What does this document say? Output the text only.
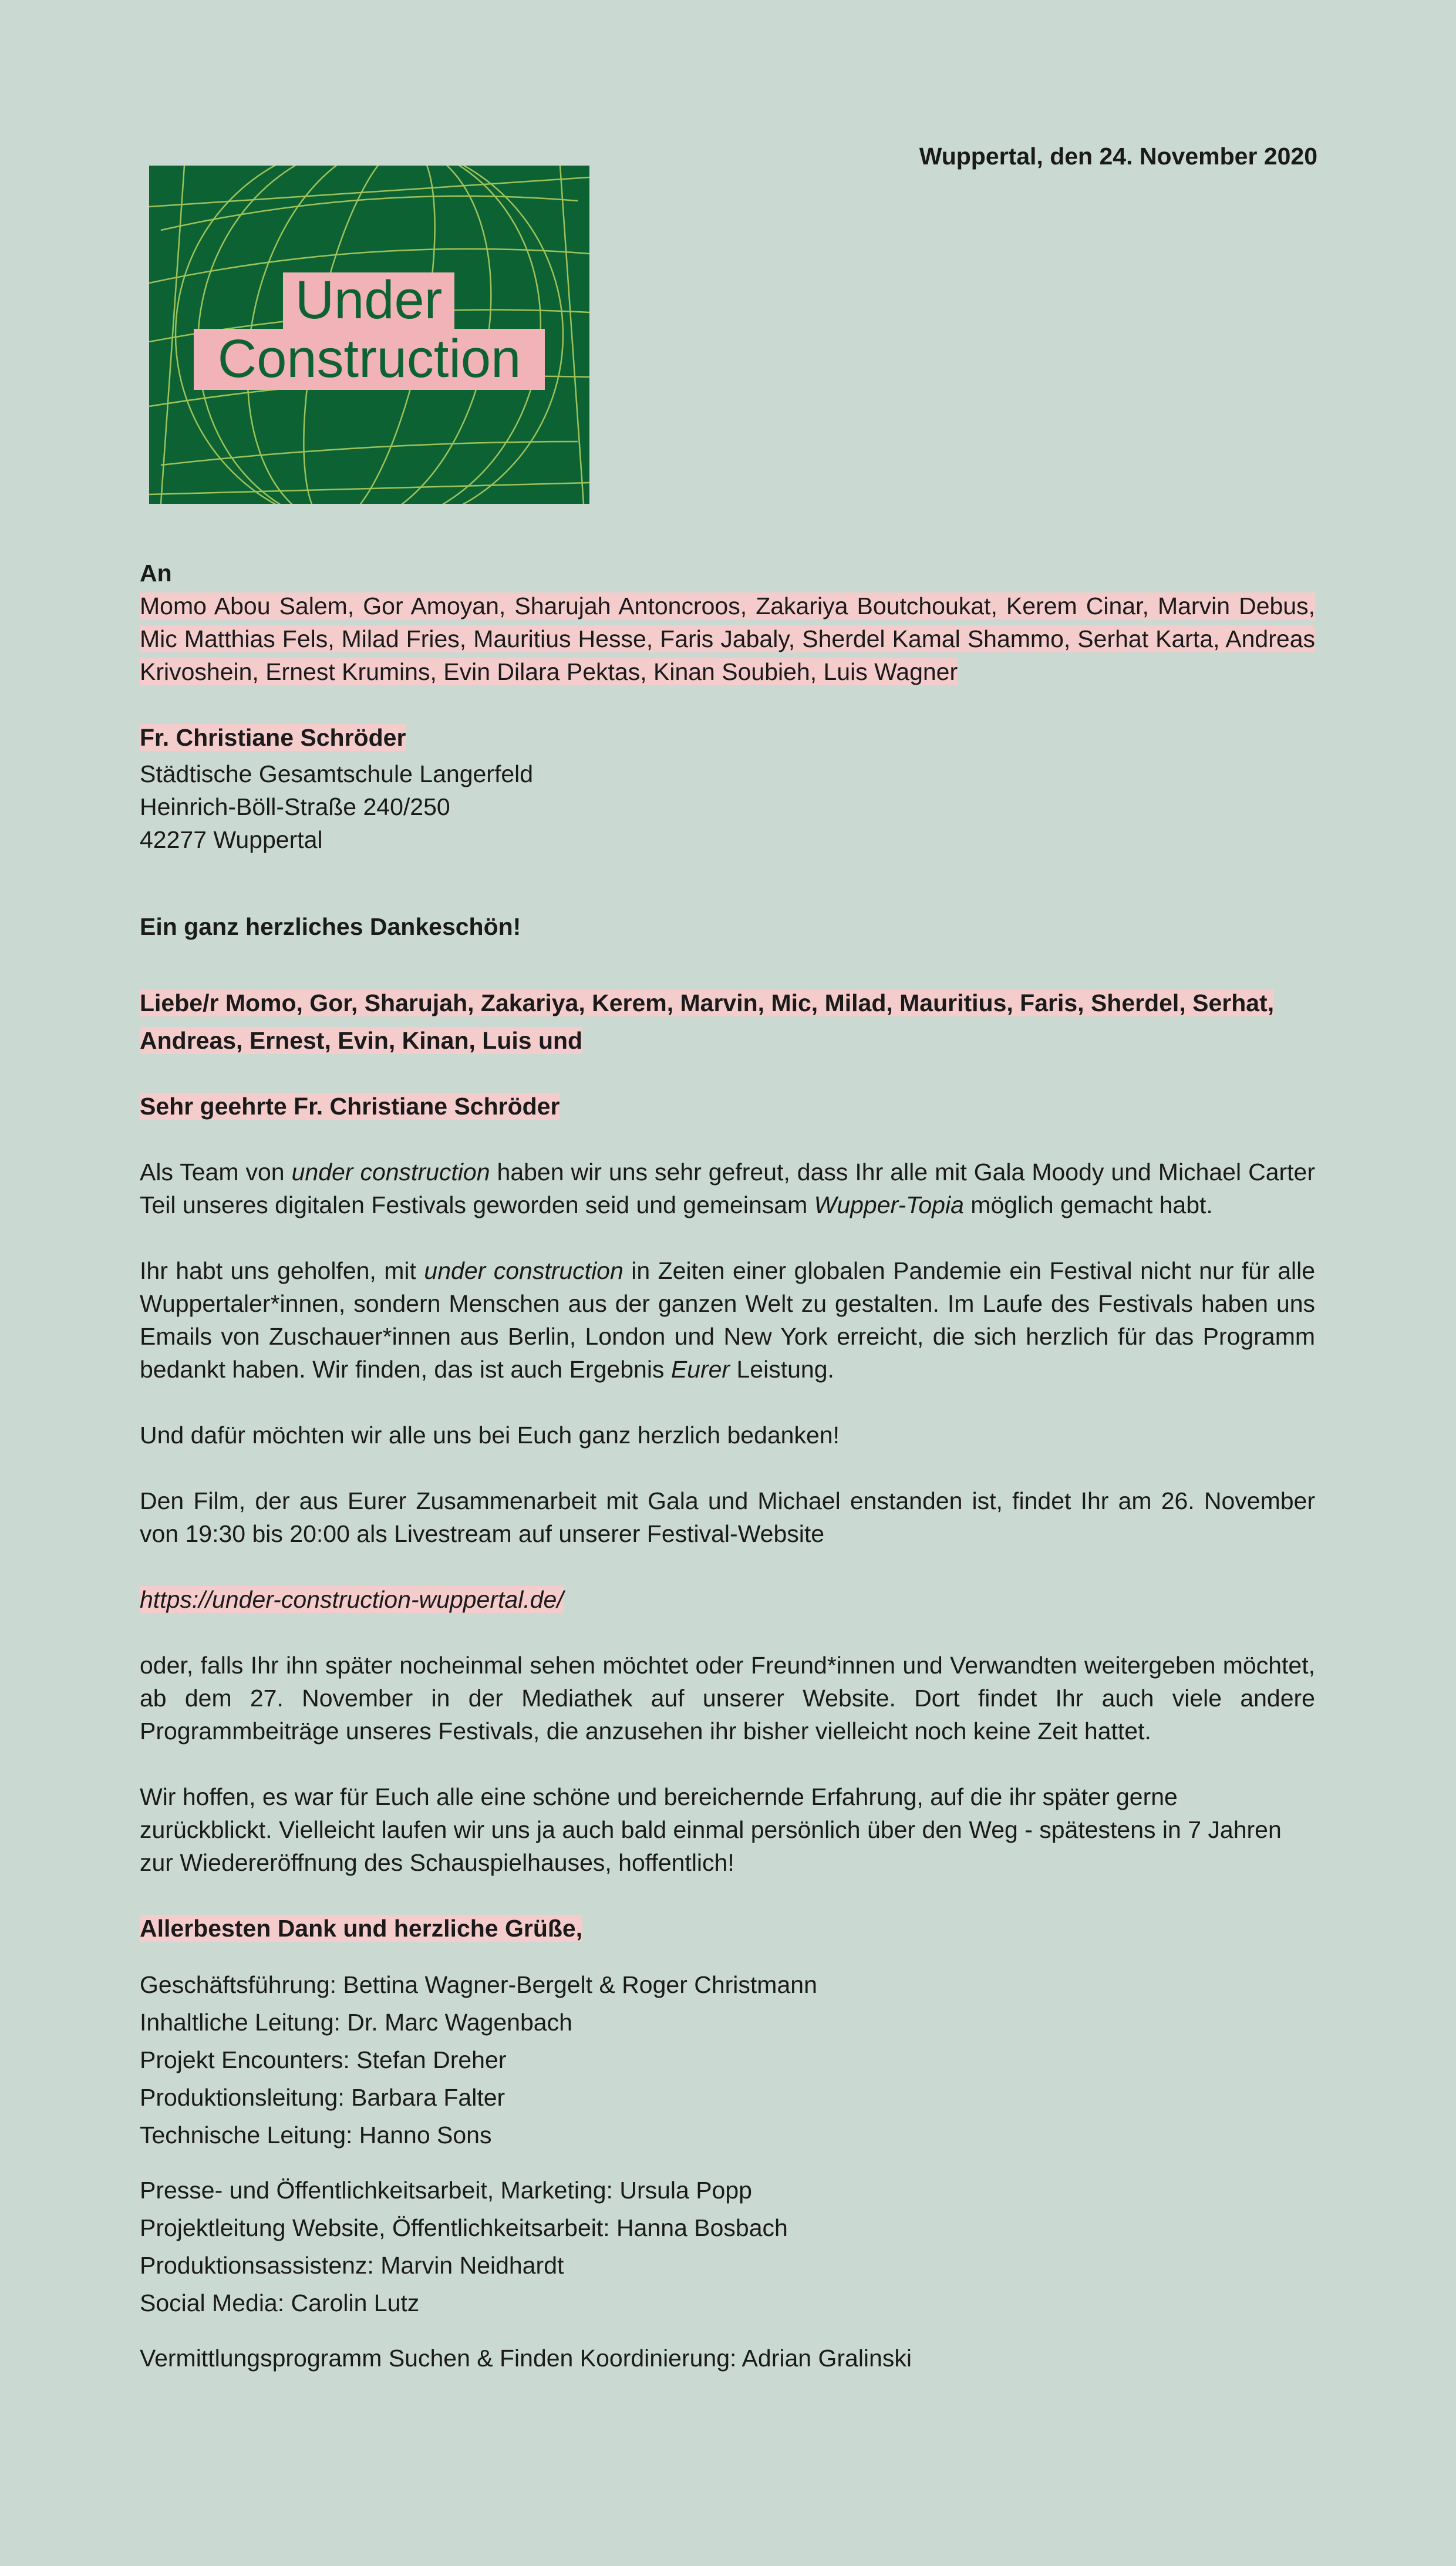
Wuppertal, den 24. November 2020
Under
Construction
An

Momo Abou Salem, Gor Amoyan, Sharujah Antoncroos, Zakariya Boutchoukat, Kerem Cinar, Marvin Debus, Mic Matthias Fels, Milad Fries, Mauritius Hesse, Faris Jabaly, Sherdel Kamal Shammo, Serhat Karta, Andreas Krivoshein, Ernest Krumins, Evin Dilara Pektas, Kinan Soubieh, Luis Wagner

Fr. Christiane Schröder
Städtische Gesamtschule Langerfeld
Heinrich-Böll-Straße 240/250
42277 Wuppertal
Ein ganz herzliches Dankeschön!
Liebe/r Momo, Gor, Sharujah, Zakariya, Kerem, Marvin, Mic, Milad, Mauritius, Faris, Sherdel, Serhat, Andreas, Ernest, Evin, Kinan, Luis und
Sehr geehrte Fr. Christiane Schröder

Als Team von under construction haben wir uns sehr gefreut, dass Ihr alle mit Gala Moody und Michael Carter Teil unseres digitalen Festivals geworden seid und gemeinsam Wupper-Topia möglich gemacht habt.

Ihr habt uns geholfen, mit under construction in Zeiten einer globalen Pandemie ein Festival nicht nur für alle Wuppertaler*innen, sondern Menschen aus der ganzen Welt zu gestalten. Im Laufe des Festivals haben uns Emails von Zuschauer*innen aus Berlin, London und New York erreicht, die sich herzlich für das Programm bedankt haben. Wir finden, das ist auch Ergebnis Eurer Leistung.

Und dafür möchten wir alle uns bei Euch ganz herzlich bedanken!

Den Film, der aus Eurer Zusammenarbeit mit Gala und Michael enstanden ist, findet Ihr am 26. November von 19:30 bis 20:00 als Livestream auf unserer Festival-Website

https://under-construction-wuppertal.de/

oder, falls Ihr ihn später nocheinmal sehen möchtet oder Freund*innen und Verwandten weitergeben möchtet, ab dem 27. November in der Mediathek auf unserer Website. Dort findet Ihr auch viele andere Programmbeiträge unseres Festivals, die anzusehen ihr bisher vielleicht noch keine Zeit hattet.

Wir hoffen, es war für Euch alle eine schöne und bereichernde Erfahrung, auf die ihr später gerne zurückblickt. Vielleicht laufen wir uns ja auch bald einmal persönlich über den Weg - spätestens in 7 Jahren zur Wiedereröffnung des Schauspielhauses, hoffentlich!

Allerbesten Dank und herzliche Grüße,

Geschäftsführung: Bettina Wagner-Bergelt & Roger Christmann
Inhaltliche Leitung: Dr. Marc Wagenbach
Projekt Encounters: Stefan Dreher
Produktionsleitung: Barbara Falter
Technische Leitung: Hanno Sons
Presse- und Öffentlichkeitsarbeit, Marketing: Ursula Popp
Projektleitung Website, Öffentlichkeitsarbeit: Hanna Bosbach
Produktionsassistenz: Marvin Neidhardt
Social Media: Carolin Lutz
Vermittlungsprogramm Suchen & Finden Koordinierung: Adrian Gralinski
